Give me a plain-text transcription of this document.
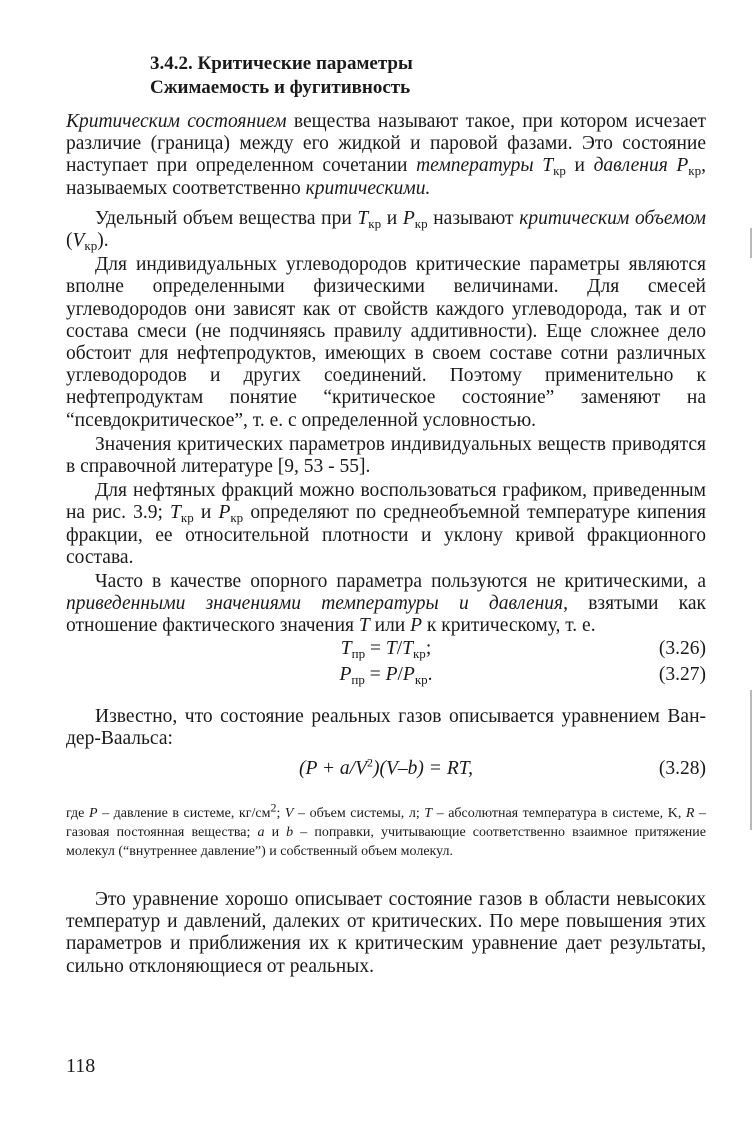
3.4.2. Критические параметры
Сжимаемость и фугитивность

Критическим состоянием вещества называют такое, при котором исчезает различие (граница) между его жидкой и паровой фазами. Это состояние наступает при определенном сочетании температуры $T_{кр}$ и давления $P_{кр}$, называемых соответственно критическими.

Удельный объем вещества при $T_{кр}$ и $P_{кр}$ называют критическим объемом $(V_{кр})$.

Для индивидуальных углеводородов критические параметры являются вполне определенными физическими величинами. Для смесей углеводородов они зависят как от свойств каждого углеводорода, так и от состава смеси (не подчиняясь правилу аддитивности). Еще сложнее дело обстоит для нефтепродуктов, имеющих в своем составе сотни различных углеводородов и других соединений. Поэтому применительно к нефтепродуктам понятие “критическое состояние” заменяют на “псевдокритическое”, т. е. с определенной условностью.

Значения критических параметров индивидуальных веществ приводятся в справочной литературе [9, 53 - 55].

Для нефтяных фракций можно воспользоваться графиком, приведенным на рис. 3.9; $T_{кр}$ и $P_{кр}$ определяют по среднеобъемной температуре кипения фракции, ее относительной плотности и уклону кривой фракционного состава.

Часто в качестве опорного параметра пользуются не критическими, а приведенными значениями температуры и давления, взятыми как отношение фактического значения T или P к критическому, т. е.

$T_{пр} = T/T_{кр}$;	(3.26)
$P_{пр} = P/P_{кр}$.	(3.27)

Известно, что состояние реальных газов описывается уравнением Ван-дер-Ваальса:

$(P + a/V^2)(V-b)$ = RT,	(3.28)

где P – давление в системе, $кг/см^2$; V – объем системы, л; T – абсолютная температура в системе, K, R – газовая постоянная вещества; a и b – поправки, учитывающие соответственно взаимное притяжение молекул (“внутреннее давление”) и собственный объем молекул.

Это уравнение хорошо описывает состояние газов в области невысоких температур и давлений, далеких от критических. По мере повышения этих параметров и приближения их к критическим уравнение дает результаты, сильно отклоняющиеся от реальных.

118
